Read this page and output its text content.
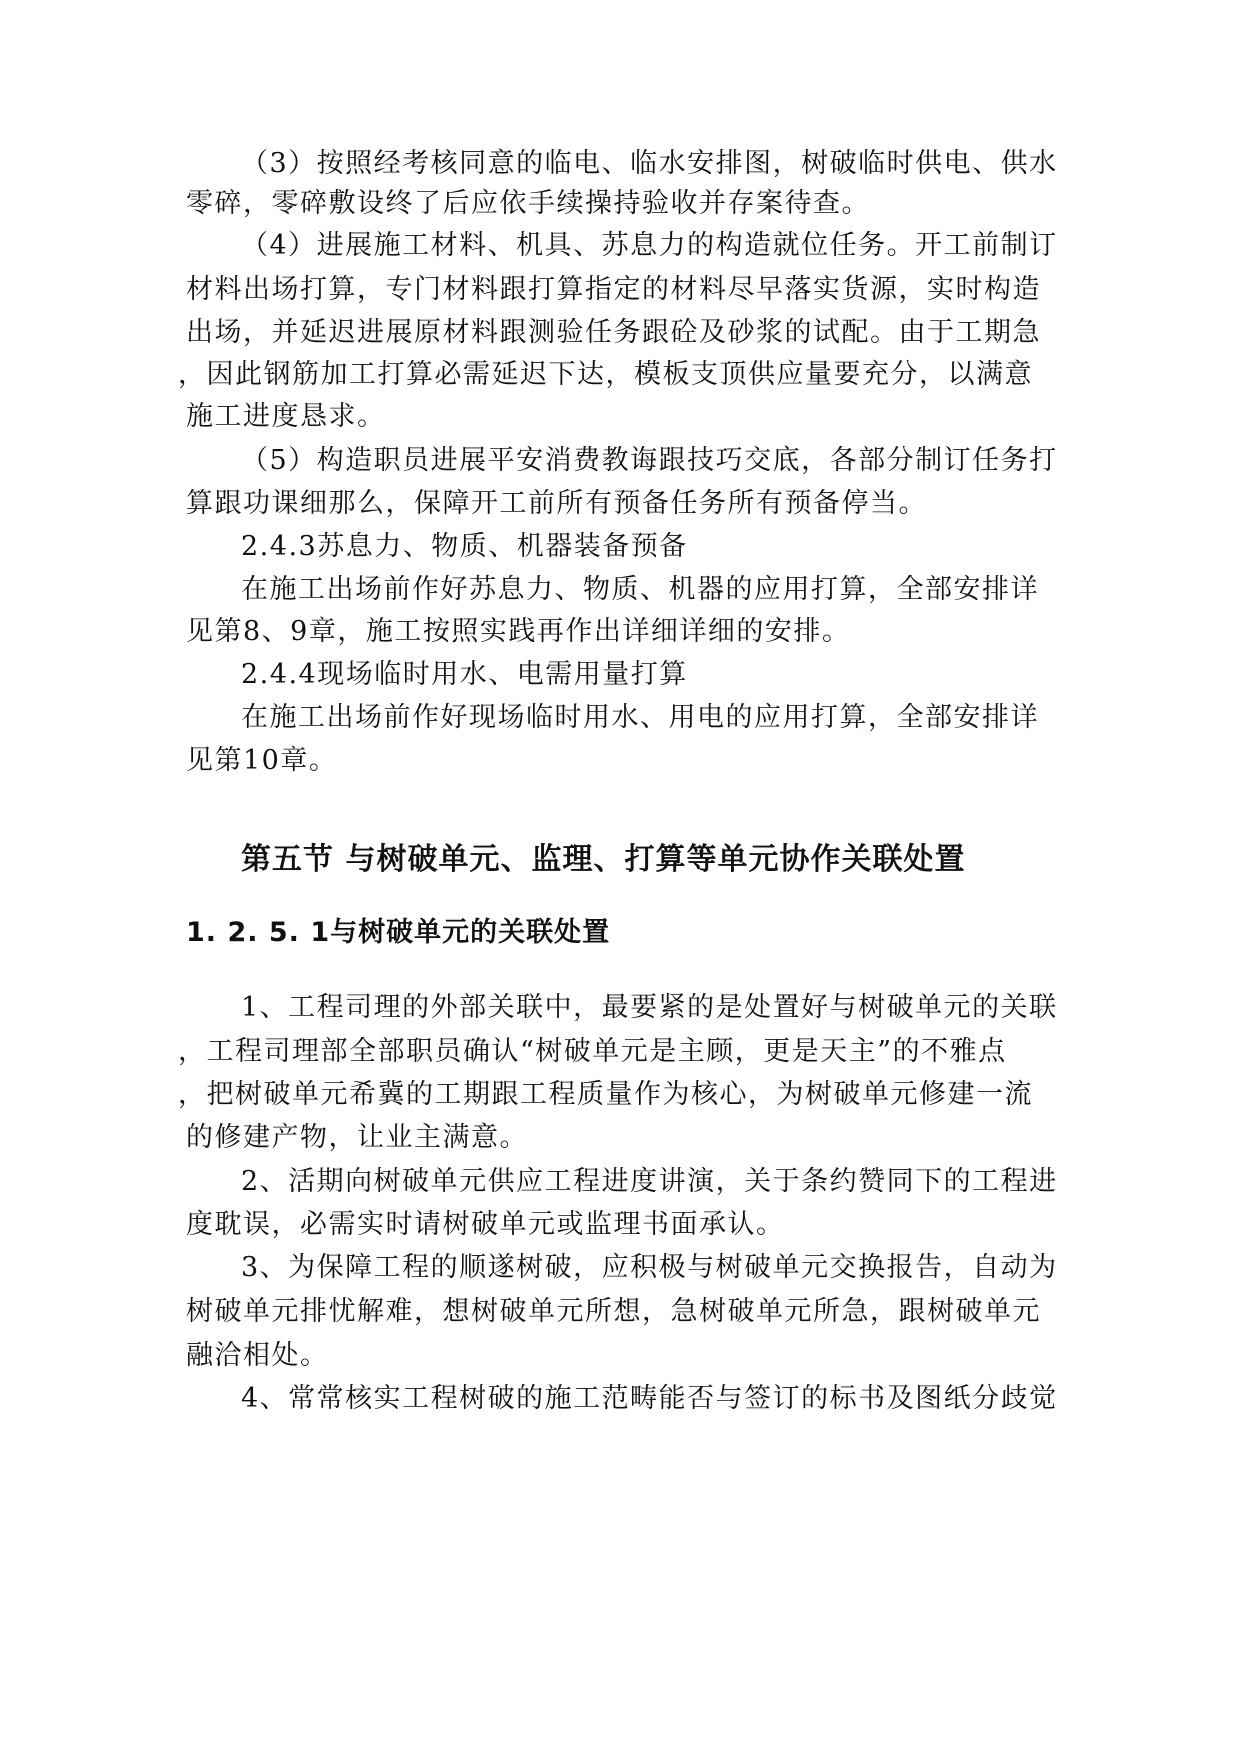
（3）按照经考核同意的临电、临水安排图，树破临时供电、供水
零碎，零碎敷设终了后应依手续操持验收并存案待查。
（4）进展施工材料、机具、苏息力的构造就位任务。开工前制订
材料出场打算，专门材料跟打算指定的材料尽早落实货源，实时构造
出场，并延迟进展原材料跟测验任务跟砼及砂浆的试配。由于工期急
，因此钢筋加工打算必需延迟下达，模板支顶供应量要充分，以满意
施工进度恳求。
（5）构造职员进展平安消费教诲跟技巧交底，各部分制订任务打
算跟功课细那么，保障开工前所有预备任务所有预备停当。
2.4.3苏息力、物质、机器装备预备
在施工出场前作好苏息力、物质、机器的应用打算，全部安排详
见第8、9章，施工按照实践再作出详细详细的安排。
2.4.4现场临时用水、电需用量打算
在施工出场前作好现场临时用水、用电的应用打算，全部安排详
见第10章。
第五节 与树破单元、监理、打算等单元协作关联处置
1. 2. 5. 1与树破单元的关联处置
1、工程司理的外部关联中，最要紧的是处置好与树破单元的关联
，工程司理部全部职员确认“树破单元是主顾，更是天主”的不雅点
，把树破单元希冀的工期跟工程质量作为核心，为树破单元修建一流
的修建产物，让业主满意。
2、活期向树破单元供应工程进度讲演，关于条约赞同下的工程进
度耽误，必需实时请树破单元或监理书面承认。
3、为保障工程的顺遂树破，应积极与树破单元交换报告，自动为
树破单元排忧解难，想树破单元所想，急树破单元所急，跟树破单元
融洽相处。
4、常常核实工程树破的施工范畴能否与签订的标书及图纸分歧觉
